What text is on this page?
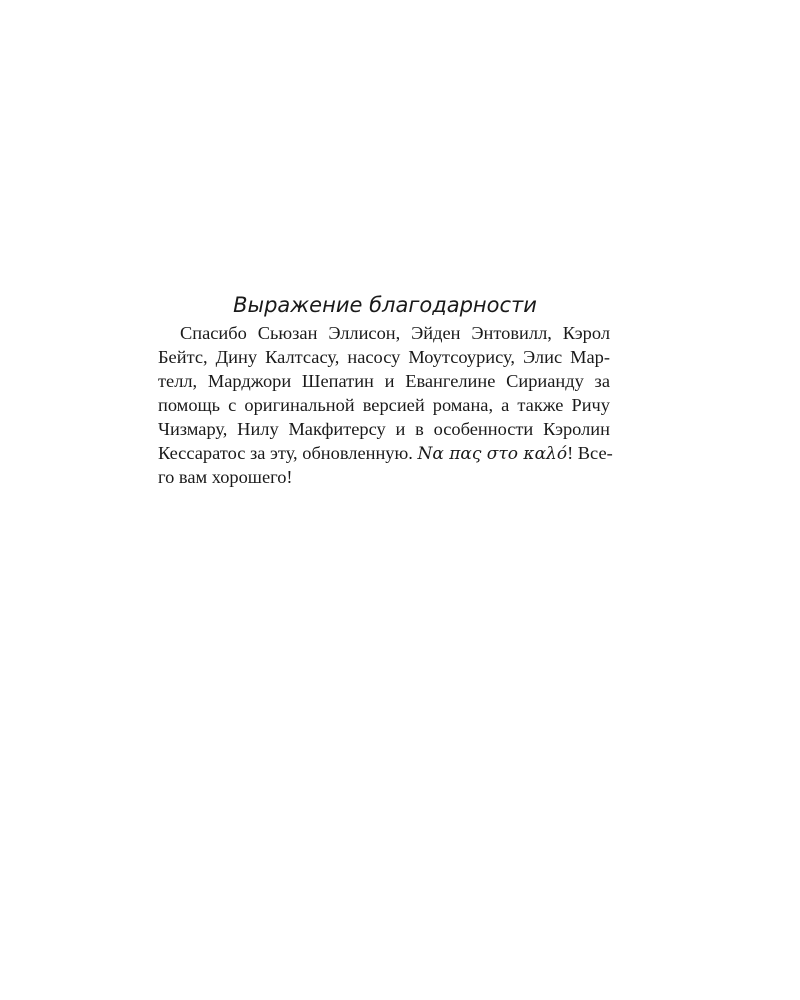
Выражение благодарности
Спасибо Сьюзан Эллисон, Эйден Энтовилл, Кэрол
Бейтс, Дину Калтсасу, насосу Моутсоурису, Элис Мар-
телл, Марджори Шепатин и Евангелине Сирианду за
помощь с оригинальной версией романа, а также Ричу
Чизмару, Нилу Макфитерсу и в особенности Кэролин
Кессаратос за эту, обновленную. Να πας στο καλό! Все-
го вам хорошего!
